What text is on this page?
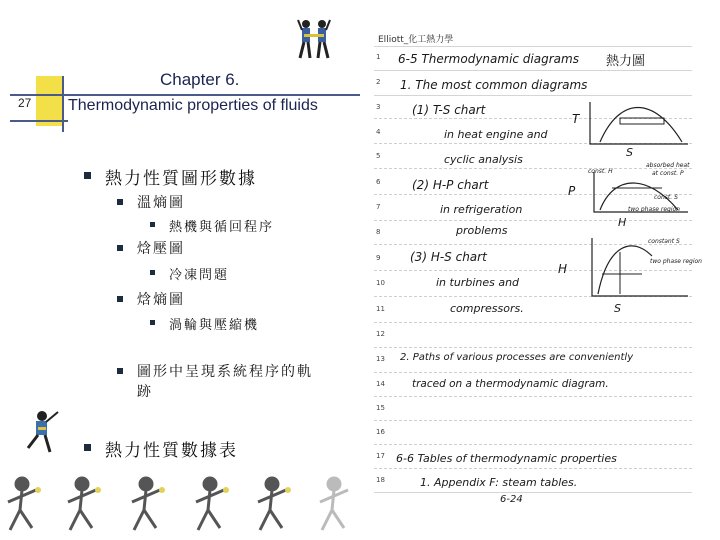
27
Chapter 6.
Thermodynamic properties of fluids
熱力性質圖形數據
溫熵圖
熱機與循回程序
焓壓圖
冷凍問題
焓熵圖
渦輪與壓縮機
圖形中呈現系統程序的軌
跡
熱力性質數據表
Elliott_化工熱力學
1
2
3
4
5
6
7
8
9
10
11
12
13
14
15
16
17
18
6-5 Thermodynamic diagrams 熱力圖
1. The most common diagrams
(1) T-S chart
in heat engine and
cyclic analysis
(2) H-P chart
in refrigeration
problems
(3) H-S chart
in turbines and
compressors.
2. Paths of various processes are conveniently
traced on a thermodynamic diagram.
6-6 Tables of thermodynamic properties
1. Appendix F: steam tables.
6-24
T
S
P
H
const. H
absorbed heat
at const. P
const. S
two phase region
H
S
constant S
two phase region
